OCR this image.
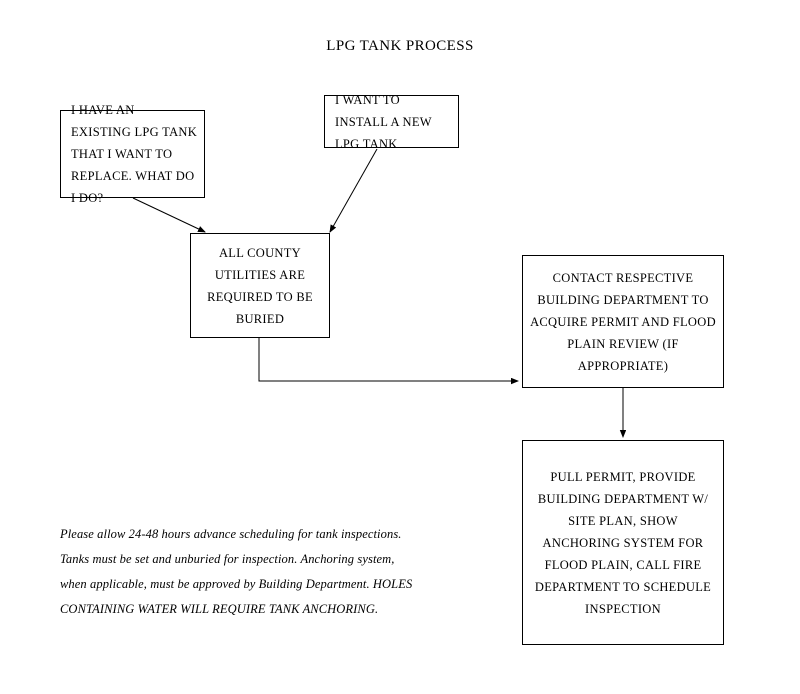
LPG TANK PROCESS
I HAVE AN EXISTING LPG TANK THAT I WANT TO REPLACE. WHAT DO I DO?
I WANT TO INSTALL A NEW LPG TANK
ALL COUNTY UTILITIES ARE REQUIRED TO BE BURIED
CONTACT RESPECTIVE BUILDING DEPARTMENT TO ACQUIRE PERMIT AND FLOOD PLAIN REVIEW (IF APPROPRIATE)
PULL PERMIT, PROVIDE BUILDING DEPARTMENT W/ SITE PLAN, SHOW ANCHORING SYSTEM FOR FLOOD PLAIN, CALL FIRE DEPARTMENT TO SCHEDULE INSPECTION
Please allow 24-48 hours advance scheduling for tank inspections. Tanks must be set and unburied for inspection. Anchoring system, when applicable, must be approved by Building Department. HOLES CONTAINING WATER WILL REQUIRE TANK ANCHORING.
